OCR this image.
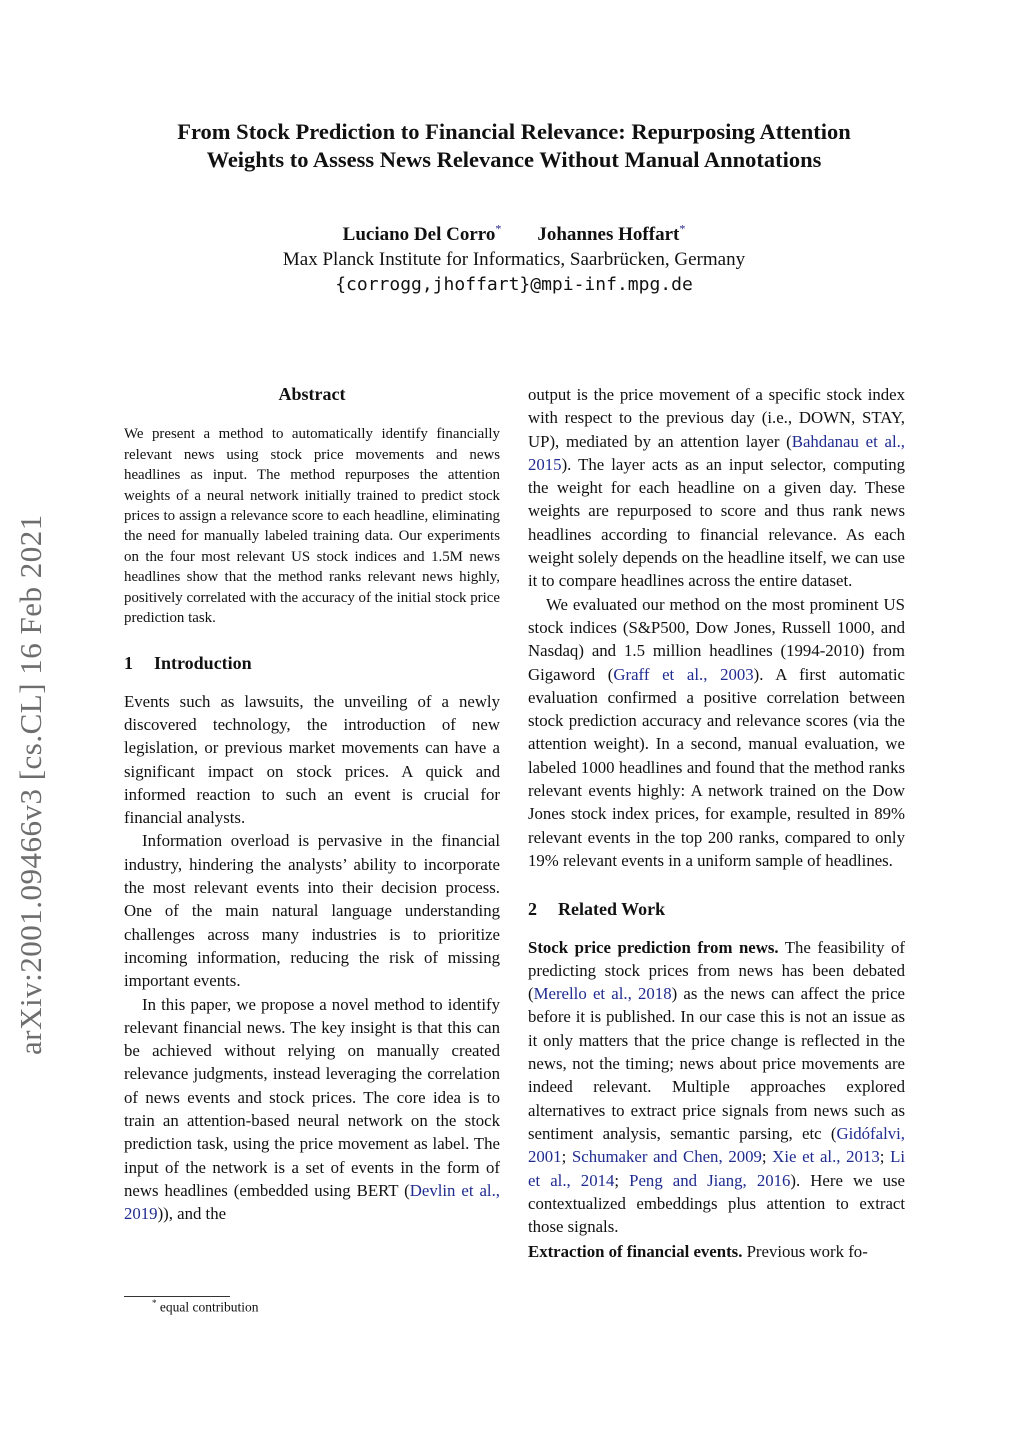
arXiv:2001.09466v3 [cs.CL] 16 Feb 2021
From Stock Prediction to Financial Relevance: Repurposing Attention
Weights to Assess News Relevance Without Manual Annotations
Luciano Del Corro* Johannes Hoffart*
Max Planck Institute for Informatics, Saarbrücken, Germany
{corrogg,jhoffart}@mpi-inf.mpg.de
Abstract

We present a method to automatically identify financially relevant news using stock price movements and news headlines as input. The method repurposes the attention weights of a neural network initially trained to predict stock prices to assign a relevance score to each headline, eliminating the need for manually labeled training data. Our experiments on the four most relevant US stock indices and 1.5M news headlines show that the method ranks relevant news highly, positively correlated with the accuracy of the initial stock price prediction task.

1 Introduction

Events such as lawsuits, the unveiling of a newly discovered technology, the introduction of new legislation, or previous market movements can have a significant impact on stock prices. A quick and informed reaction to such an event is crucial for financial analysts.

Information overload is pervasive in the financial industry, hindering the analysts’ ability to incorporate the most relevant events into their decision process. One of the main natural language understanding challenges across many industries is to prioritize incoming information, reducing the risk of missing important events.

In this paper, we propose a novel method to identify relevant financial news. The key insight is that this can be achieved without relying on manually created relevance judgments, instead leveraging the correlation of news events and stock prices. The core idea is to train an attention-based neural network on the stock prediction task, using the price movement as label. The input of the network is a set of events in the form of news headlines (embedded using BERT (Devlin et al., 2019)), and the

* equal contribution

output is the price movement of a specific stock index with respect to the previous day (i.e., DOWN, STAY, UP), mediated by an attention layer (Bahdanau et al., 2015). The layer acts as an input selector, computing the weight for each headline on a given day. These weights are repurposed to score and thus rank news headlines according to financial relevance. As each weight solely depends on the headline itself, we can use it to compare headlines across the entire dataset.

We evaluated our method on the most prominent US stock indices (S&P500, Dow Jones, Russell 1000, and Nasdaq) and 1.5 million headlines (1994-2010) from Gigaword (Graff et al., 2003). A first automatic evaluation confirmed a positive correlation between stock prediction accuracy and relevance scores (via the attention weight). In a second, manual evaluation, we labeled 1000 headlines and found that the method ranks relevant events highly: A network trained on the Dow Jones stock index prices, for example, resulted in 89% relevant events in the top 200 ranks, compared to only 19% relevant events in a uniform sample of headlines.

2 Related Work

Stock price prediction from news. The feasibility of predicting stock prices from news has been debated (Merello et al., 2018) as the news can affect the price before it is published. In our case this is not an issue as it only matters that the price change is reflected in the news, not the timing; news about price movements are indeed relevant. Multiple approaches explored alternatives to extract price signals from news such as sentiment analysis, semantic parsing, etc (Gidófalvi, 2001; Schumaker and Chen, 2009; Xie et al., 2013; Li et al., 2014; Peng and Jiang, 2016). Here we use contextualized embeddings plus attention to extract those signals.

Extraction of financial events. Previous work fo-
